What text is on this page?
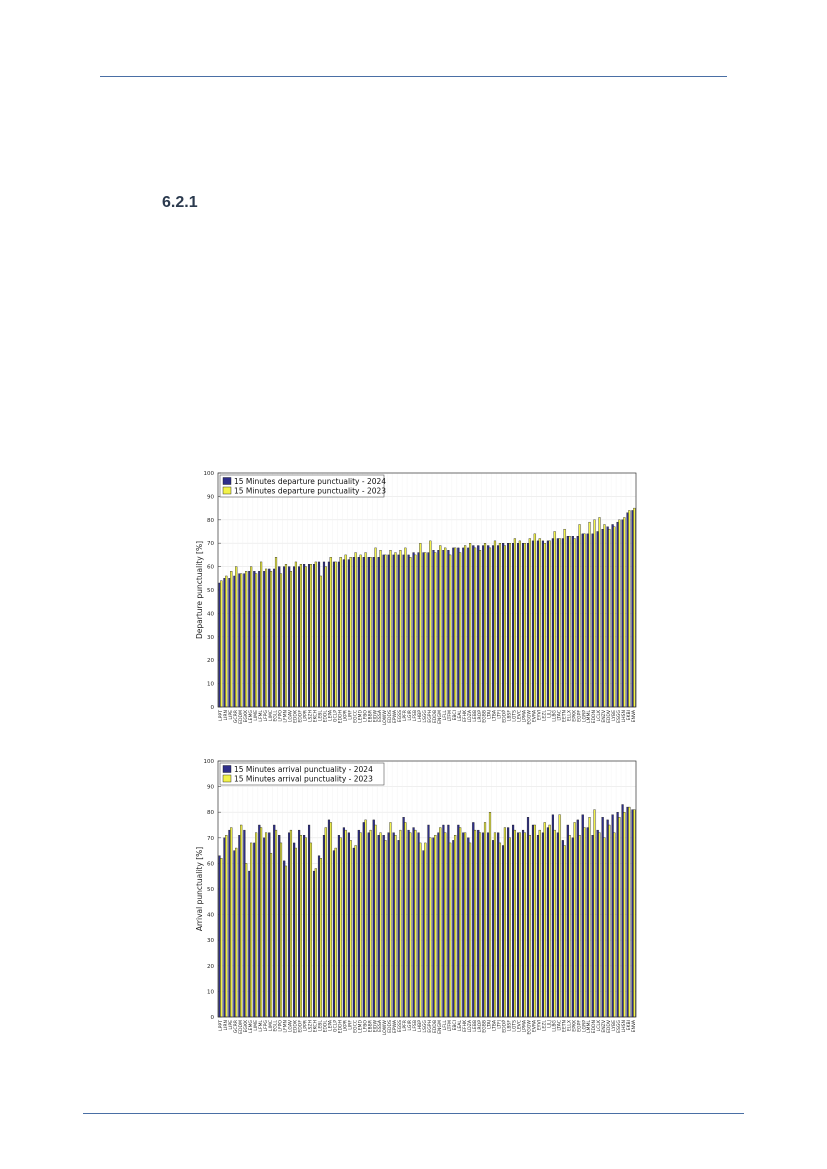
6.2.1
0
10
20
30
40
50
60
70
80
90
100
LPPT LIRN LIPE GCRR EDDM EGKK LEMG LIME LFML LFPG LIMC EGLL LFPO LFMN LGAV EDDK EDDF LPPR LSZH EKCH LEBL EDDL LEPA GCLP EDDH LKPR LIRF EGCC LEMD LFBO EBBR EIDW ESSA LOWW EDDS EPWA EGSS LPFR LGIR LFSB LHBP LSGG EGPH EDDB ENGM LFLL LTFM EBCI LEAL EFHK LDZA LEBB LROP EGBB LTAI LTBA LTFJ EDDP LBSF LGTS LEVC LPMA EGGW EVRA EYVI LEZL LJLJ LLBG LTAC EETN ELLX EPKK EGPF LGRP LMML EDDN LCLK ENZV EDDV LYBE ESGG LHSN EKBI ENVA
Departure punctuality [%]
15 Minutes departure punctuality - 2024
15 Minutes departure punctuality - 2023
0
10
20
30
40
50
60
70
80
90
100
LPPT LIRN LIPE GCRR EDDM EGKK LEMG LIME LFML LFPG LIMC EGLL LFPO LFMN LGAV EDDK EDDF LPPR LSZH EKCH LEBL EDDL LEPA GCLP EDDH LKPR LIRF EGCC LEMD LFBO EBBR EIDW ESSA LOWW EDDS EPWA EGSS LPFR LGIR LFSB LHBP LSGG EGPH EDDB ENGM LFLL LTFM EBCI LEAL EFHK LDZA LEBB LROP EGBB LTAI LTBA LTFJ EDDP LBSF LGTS LEVC LPMA EGGW EVRA EYVI LEZL LJLJ LLBG LTAC EETN ELLX EPKK EGPF LGRP LMML EDDN LCLK ENZV EDDV LYBE ESGG LHSN EKBI ENVA
Arrival punctuality [%]
15 Minutes arrival punctuality - 2024
15 Minutes arrival punctuality - 2023
